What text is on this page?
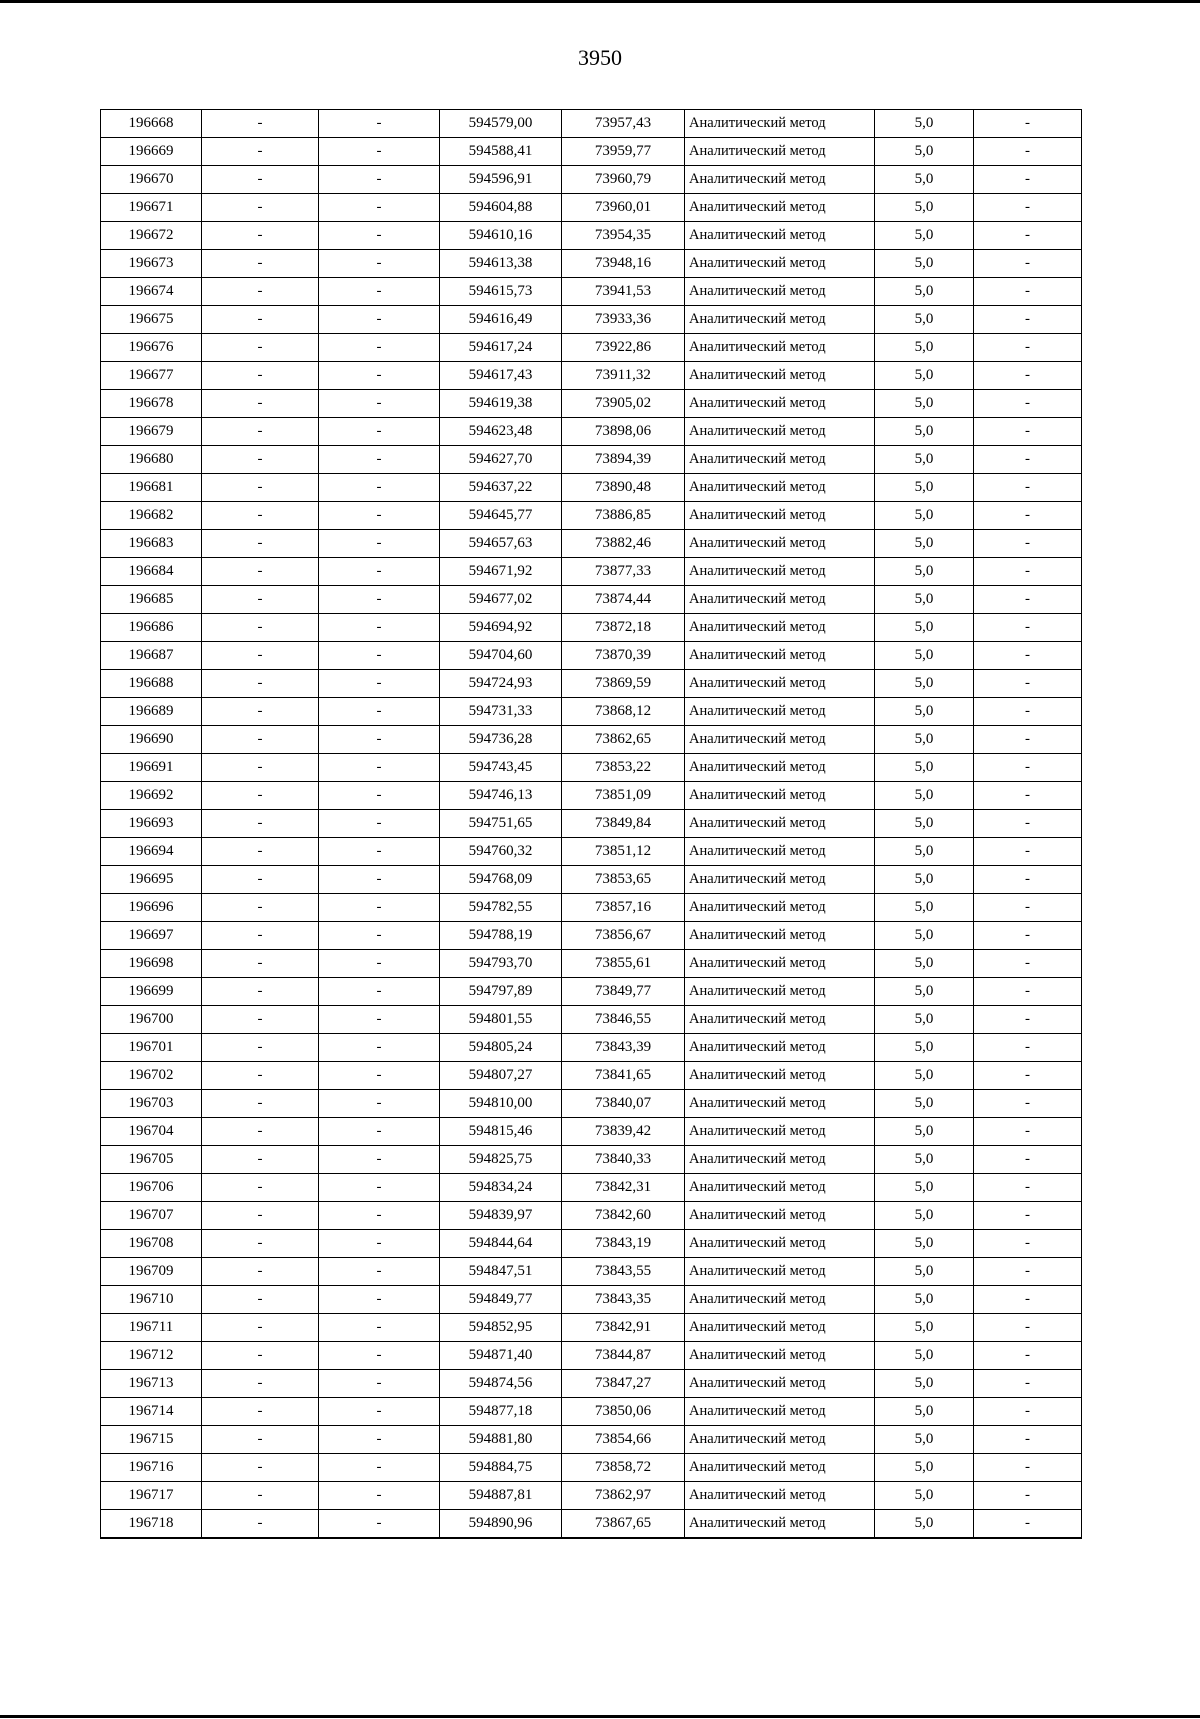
3950
196668	-	-	594579,00	73957,43	Аналитический метод	5,0	-
196669	-	-	594588,41	73959,77	Аналитический метод	5,0	-
196670	-	-	594596,91	73960,79	Аналитический метод	5,0	-
196671	-	-	594604,88	73960,01	Аналитический метод	5,0	-
196672	-	-	594610,16	73954,35	Аналитический метод	5,0	-
196673	-	-	594613,38	73948,16	Аналитический метод	5,0	-
196674	-	-	594615,73	73941,53	Аналитический метод	5,0	-
196675	-	-	594616,49	73933,36	Аналитический метод	5,0	-
196676	-	-	594617,24	73922,86	Аналитический метод	5,0	-
196677	-	-	594617,43	73911,32	Аналитический метод	5,0	-
196678	-	-	594619,38	73905,02	Аналитический метод	5,0	-
196679	-	-	594623,48	73898,06	Аналитический метод	5,0	-
196680	-	-	594627,70	73894,39	Аналитический метод	5,0	-
196681	-	-	594637,22	73890,48	Аналитический метод	5,0	-
196682	-	-	594645,77	73886,85	Аналитический метод	5,0	-
196683	-	-	594657,63	73882,46	Аналитический метод	5,0	-
196684	-	-	594671,92	73877,33	Аналитический метод	5,0	-
196685	-	-	594677,02	73874,44	Аналитический метод	5,0	-
196686	-	-	594694,92	73872,18	Аналитический метод	5,0	-
196687	-	-	594704,60	73870,39	Аналитический метод	5,0	-
196688	-	-	594724,93	73869,59	Аналитический метод	5,0	-
196689	-	-	594731,33	73868,12	Аналитический метод	5,0	-
196690	-	-	594736,28	73862,65	Аналитический метод	5,0	-
196691	-	-	594743,45	73853,22	Аналитический метод	5,0	-
196692	-	-	594746,13	73851,09	Аналитический метод	5,0	-
196693	-	-	594751,65	73849,84	Аналитический метод	5,0	-
196694	-	-	594760,32	73851,12	Аналитический метод	5,0	-
196695	-	-	594768,09	73853,65	Аналитический метод	5,0	-
196696	-	-	594782,55	73857,16	Аналитический метод	5,0	-
196697	-	-	594788,19	73856,67	Аналитический метод	5,0	-
196698	-	-	594793,70	73855,61	Аналитический метод	5,0	-
196699	-	-	594797,89	73849,77	Аналитический метод	5,0	-
196700	-	-	594801,55	73846,55	Аналитический метод	5,0	-
196701	-	-	594805,24	73843,39	Аналитический метод	5,0	-
196702	-	-	594807,27	73841,65	Аналитический метод	5,0	-
196703	-	-	594810,00	73840,07	Аналитический метод	5,0	-
196704	-	-	594815,46	73839,42	Аналитический метод	5,0	-
196705	-	-	594825,75	73840,33	Аналитический метод	5,0	-
196706	-	-	594834,24	73842,31	Аналитический метод	5,0	-
196707	-	-	594839,97	73842,60	Аналитический метод	5,0	-
196708	-	-	594844,64	73843,19	Аналитический метод	5,0	-
196709	-	-	594847,51	73843,55	Аналитический метод	5,0	-
196710	-	-	594849,77	73843,35	Аналитический метод	5,0	-
196711	-	-	594852,95	73842,91	Аналитический метод	5,0	-
196712	-	-	594871,40	73844,87	Аналитический метод	5,0	-
196713	-	-	594874,56	73847,27	Аналитический метод	5,0	-
196714	-	-	594877,18	73850,06	Аналитический метод	5,0	-
196715	-	-	594881,80	73854,66	Аналитический метод	5,0	-
196716	-	-	594884,75	73858,72	Аналитический метод	5,0	-
196717	-	-	594887,81	73862,97	Аналитический метод	5,0	-
196718	-	-	594890,96	73867,65	Аналитический метод	5,0	-
